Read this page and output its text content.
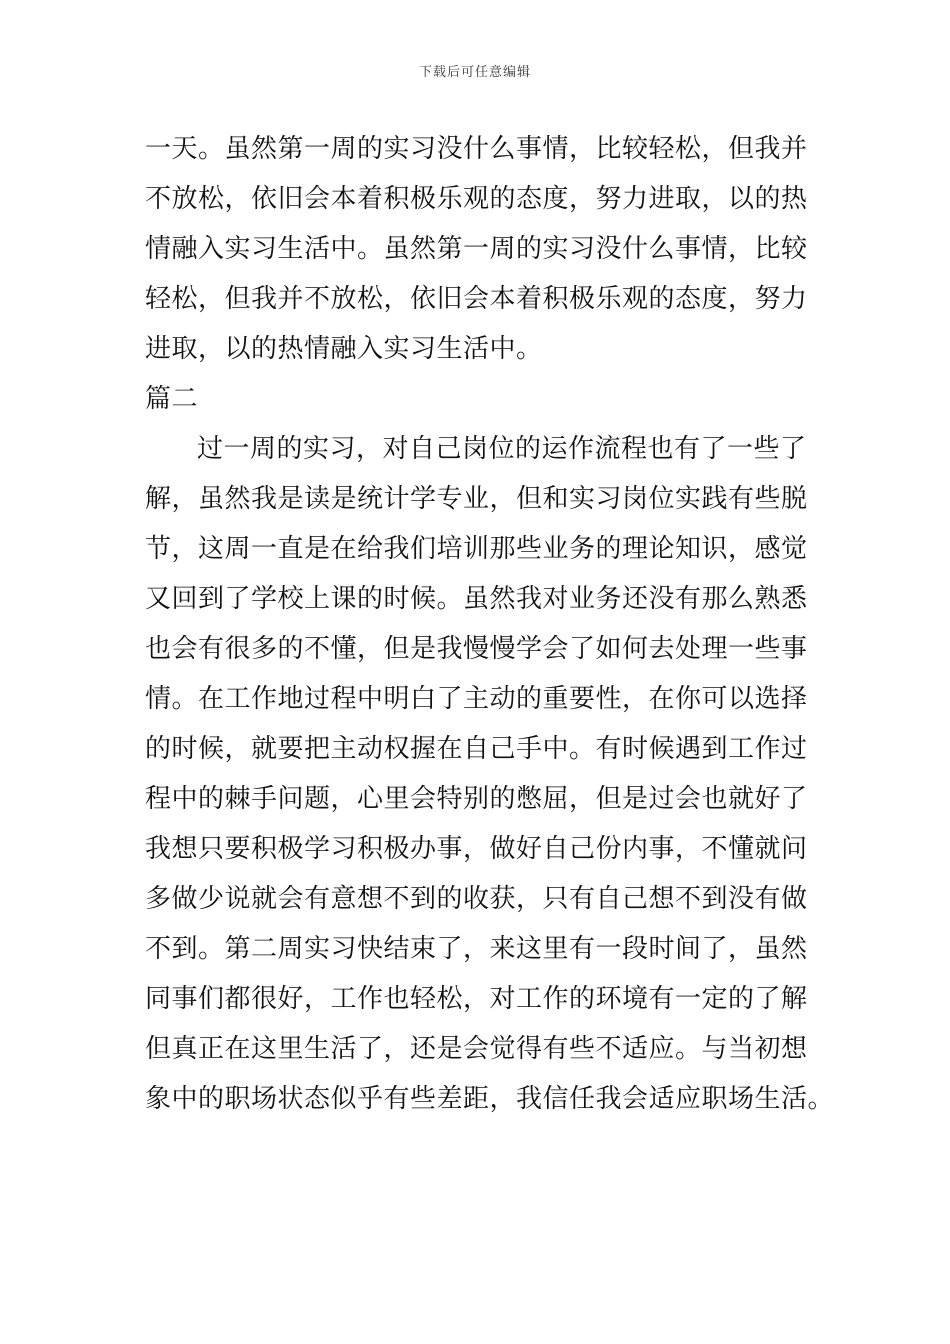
下载后可任意编辑
一天。虽然第一周的实习没什么事情，比较轻松，但我并
不放松，依旧会本着积极乐观的态度，努力进取，以的热
情融入实习生活中。虽然第一周的实习没什么事情，比较
轻松，但我并不放松，依旧会本着积极乐观的态度，努力
进取，以的热情融入实习生活中。
篇二
过一周的实习，对自己岗位的运作流程也有了一些了
解，虽然我是读是统计学专业，但和实习岗位实践有些脱
节，这周一直是在给我们培训那些业务的理论知识，感觉
又回到了学校上课的时候。虽然我对业务还没有那么熟悉
也会有很多的不懂，但是我慢慢学会了如何去处理一些事
情。在工作地过程中明白了主动的重要性，在你可以选择
的时候，就要把主动权握在自己手中。有时候遇到工作过
程中的棘手问题，心里会特别的憋屈，但是过会也就好了
我想只要积极学习积极办事，做好自己份内事，不懂就问
多做少说就会有意想不到的收获，只有自己想不到没有做
不到。第二周实习快结束了，来这里有一段时间了，虽然
同事们都很好，工作也轻松，对工作的环境有一定的了解
但真正在这里生活了，还是会觉得有些不适应。与当初想
象中的职场状态似乎有些差距，我信任我会适应职场生活。
